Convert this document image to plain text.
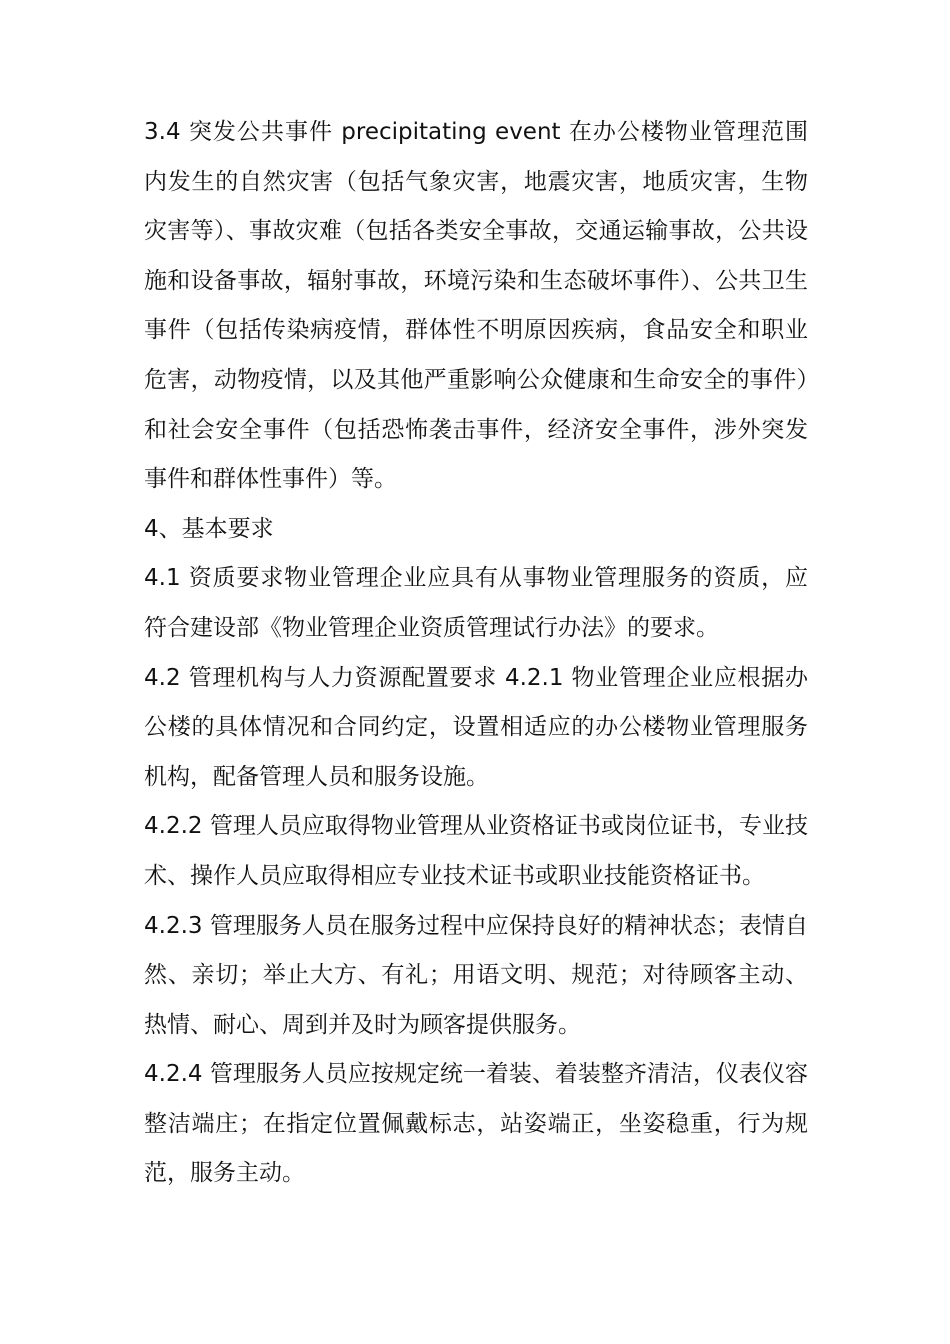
3.4 突发公共事件 precipitating event 在办公楼物业管理范围内发生的自然灾害（包括气象灾害，地震灾害，地质灾害，生物灾害等）、事故灾难（包括各类安全事故，交通运输事故，公共设施和设备事故，辐射事故，环境污染和生态破坏事件）、公共卫生事件（包括传染病疫情，群体性不明原因疾病，食品安全和职业危害，动物疫情，以及其他严重影响公众健康和生命安全的事件）和社会安全事件（包括恐怖袭击事件，经济安全事件，涉外突发事件和群体性事件）等。

4、基本要求

4.1 资质要求物业管理企业应具有从事物业管理服务的资质，应符合建设部《物业管理企业资质管理试行办法》的要求。

4.2 管理机构与人力资源配置要求 4.2.1 物业管理企业应根据办公楼的具体情况和合同约定，设置相适应的办公楼物业管理服务机构，配备管理人员和服务设施。

4.2.2 管理人员应取得物业管理从业资格证书或岗位证书，专业技术、操作人员应取得相应专业技术证书或职业技能资格证书。

4.2.3 管理服务人员在服务过程中应保持良好的精神状态；表情自然、亲切；举止大方、有礼；用语文明、规范；对待顾客主动、热情、耐心、周到并及时为顾客提供服务。

4.2.4 管理服务人员应按规定统一着装、着装整齐清洁，仪表仪容整洁端庄；在指定位置佩戴标志，站姿端正，坐姿稳重，行为规范，服务主动。
